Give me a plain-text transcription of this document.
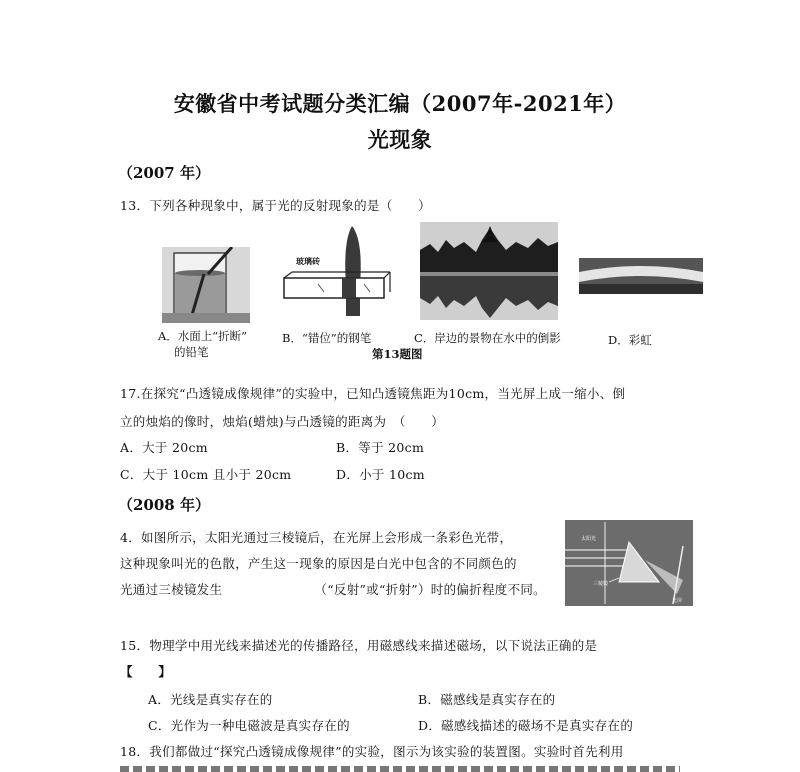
安徽省中考试题分类汇编（2007年-2021年）
光现象
（2007 年）
13．下列各种现象中，属于光的反射现象的是（　　）
玻璃砖
A．水面上“折断”
的铅笔
B．“错位”的钢笔	C．岸边的景物在水中的倒影	D．彩虹
第13题图
17.在探究“凸透镜成像规律”的实验中，已知凸透镜焦距为10cm，当光屏上成一缩小、倒
立的烛焰的像时，烛焰(蜡烛)与凸透镜的距离为　（　　）
A．大于 20cm	B．等于 20cm
C．大于 10cm 且小于 20cm	D．小于 10cm
（2008 年）
4．如图所示，太阳光通过三棱镜后，在光屏上会形成一条彩色光带，
这种现象叫光的色散，产生这一现象的原因是白光中包含的不同颜色的
光通过三棱镜发生	（“反射”或“折射”）时的偏折程度不同。
太阳光
三棱镜
光屏
15．物理学中用光线来描述光的传播路径，用磁感线来描述磁场，以下说法正确的是
【　　】
A．光线是真实存在的	B．磁感线是真实存在的
C．光作为一种电磁波是真实存在的	D．磁感线描述的磁场不是真实存在的
18．我们都做过“探究凸透镜成像规律”的实验，图示为该实验的装置图。实验时首先利用
